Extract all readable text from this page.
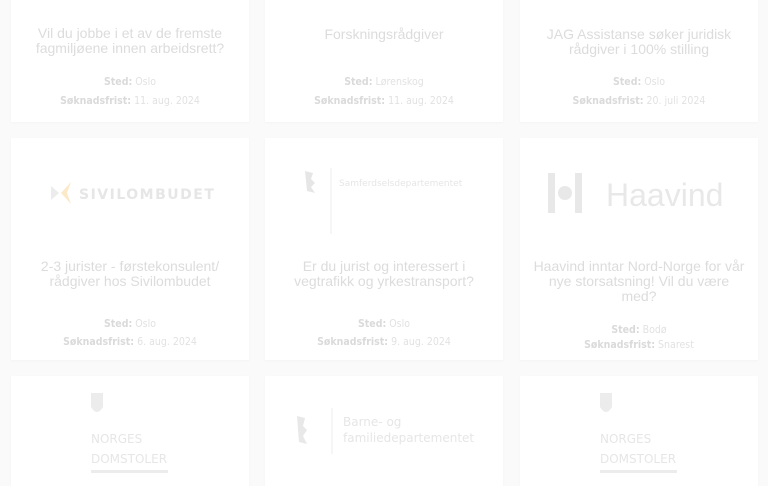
Vil du jobbe i et av de fremste fagmiljøene innen arbeidsrett?
Sted: Oslo
Søknadsfrist: 11. aug. 2024
Forskningsrådgiver
Sted: Lørenskog
Søknadsfrist: 11. aug. 2024
JAG Assistanse søker juridisk rådgiver i 100% stilling
Sted: Oslo
Søknadsfrist: 20. juli 2024
SIVILOMBUDET
2-3 jurister - førstekonsulent/ rådgiver hos Sivilombudet
Sted: Oslo
Søknadsfrist: 6. aug. 2024
Samferdselsdepartementet
Er du jurist og interessert i vegtrafikk og yrkestransport?
Sted: Oslo
Søknadsfrist: 9. aug. 2024
Haavind
Haavind inntar Nord-Norge for vår nye storsatsning! Vil du være med?
Sted: Bodø
Søknadsfrist: Snarest
NORGES
DOMSTOLER
Barne- og
familiedepartementet	NORGES
DOMSTOLER
